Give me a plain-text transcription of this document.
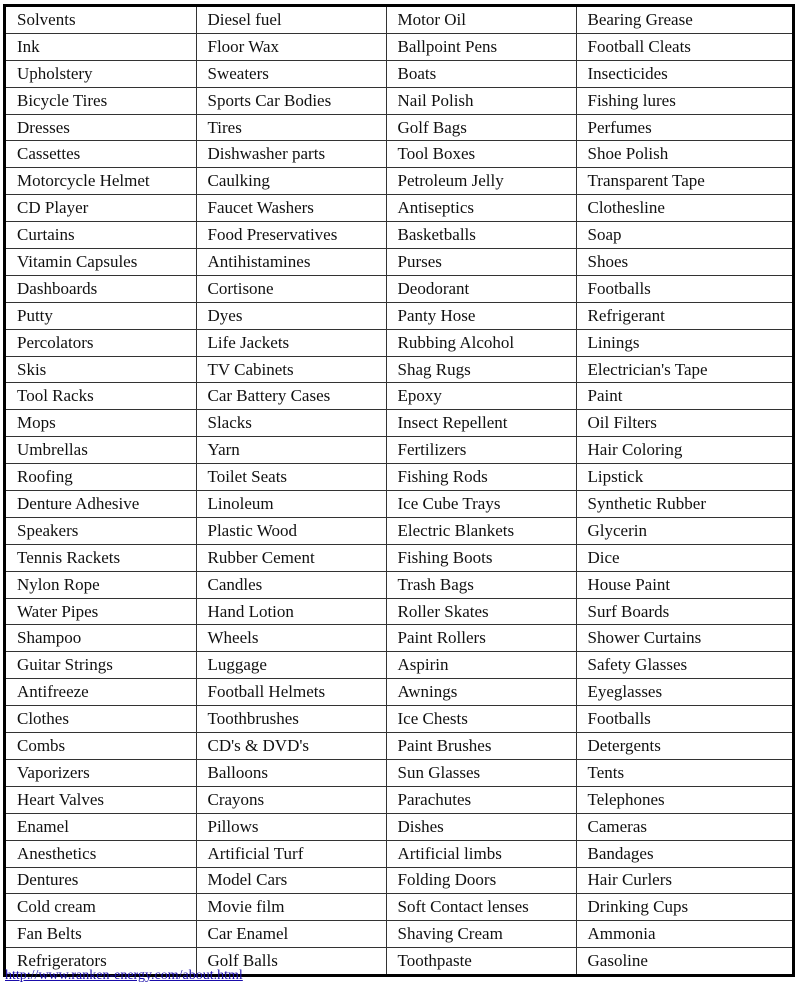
Solvents	Diesel fuel	Motor Oil	Bearing Grease
Ink	Floor Wax	Ballpoint Pens	Football Cleats
Upholstery	Sweaters	Boats	Insecticides
Bicycle Tires	Sports Car Bodies	Nail Polish	Fishing lures
Dresses	Tires	Golf Bags	Perfumes
Cassettes	Dishwasher parts	Tool Boxes	Shoe Polish
Motorcycle Helmet	Caulking	Petroleum Jelly	Transparent Tape
CD Player	Faucet Washers	Antiseptics	Clothesline
Curtains	Food Preservatives	Basketballs	Soap
Vitamin Capsules	Antihistamines	Purses	Shoes
Dashboards	Cortisone	Deodorant	Footballs
Putty	Dyes	Panty Hose	Refrigerant
Percolators	Life Jackets	Rubbing Alcohol	Linings
Skis	TV Cabinets	Shag Rugs	Electrician's Tape
Tool Racks	Car Battery Cases	Epoxy	Paint
Mops	Slacks	Insect Repellent	Oil Filters
Umbrellas	Yarn	Fertilizers	Hair Coloring
Roofing	Toilet Seats	Fishing Rods	Lipstick
Denture Adhesive	Linoleum	Ice Cube Trays	Synthetic Rubber
Speakers	Plastic Wood	Electric Blankets	Glycerin
Tennis Rackets	Rubber Cement	Fishing Boots	Dice
Nylon Rope	Candles	Trash Bags	House Paint
Water Pipes	Hand Lotion	Roller Skates	Surf Boards
Shampoo	Wheels	Paint Rollers	Shower Curtains
Guitar Strings	Luggage	Aspirin	Safety Glasses
Antifreeze	Football Helmets	Awnings	Eyeglasses
Clothes	Toothbrushes	Ice Chests	Footballs
Combs	CD's & DVD's	Paint Brushes	Detergents
Vaporizers	Balloons	Sun Glasses	Tents
Heart Valves	Crayons	Parachutes	Telephones
Enamel	Pillows	Dishes	Cameras
Anesthetics	Artificial Turf	Artificial limbs	Bandages
Dentures	Model Cars	Folding Doors	Hair Curlers
Cold cream	Movie film	Soft Contact lenses	Drinking Cups
Fan Belts	Car Enamel	Shaving Cream	Ammonia
Refrigerators	Golf Balls	Toothpaste	Gasoline
http://www.ranken-energy.com/about.html
